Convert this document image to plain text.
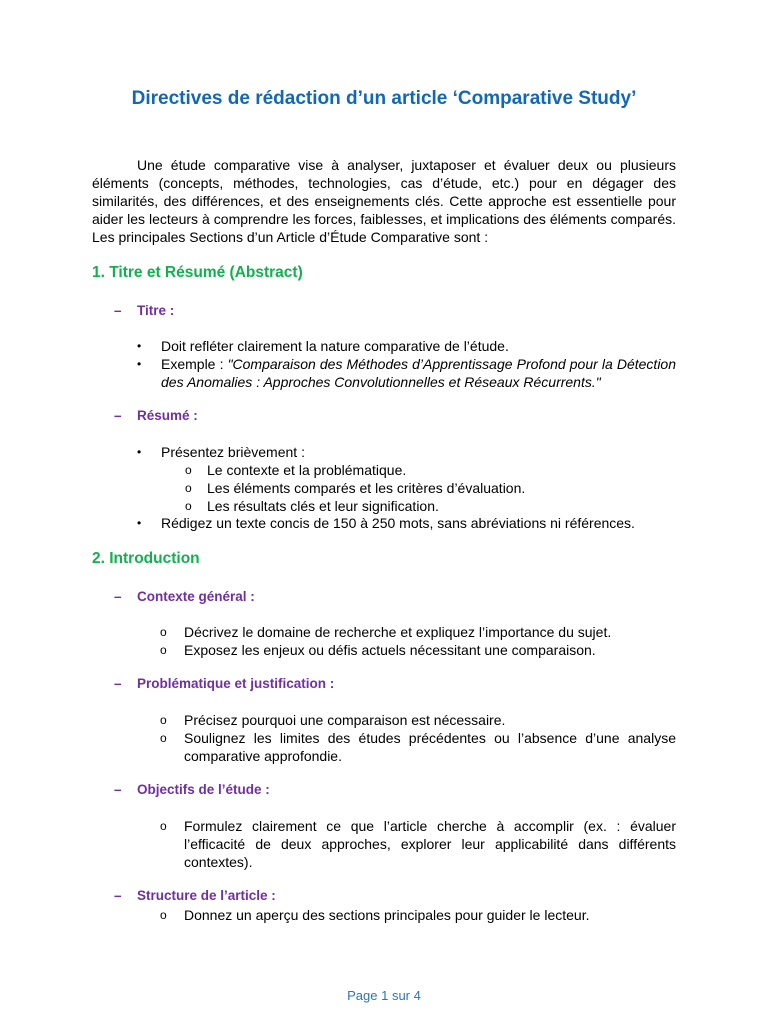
Directives de rédaction d’un article ‘Comparative Study’

Une étude comparative vise à analyser, juxtaposer et évaluer deux ou plusieurs éléments (concepts, méthodes, technologies, cas d’étude, etc.) pour en dégager des similarités, des différences, et des enseignements clés. Cette approche est essentielle pour aider les lecteurs à comprendre les forces, faiblesses, et implications des éléments comparés. Les principales Sections d’un Article d’Étude Comparative sont :

1. Titre et Résumé (Abstract)
– Titre :
• Doit refléter clairement la nature comparative de l’étude.
• Exemple : "Comparaison des Méthodes d’Apprentissage Profond pour la Détection des Anomalies : Approches Convolutionnelles et Réseaux Récurrents."
– Résumé :
• Présentez brièvement :
o Le contexte et la problématique.
o Les éléments comparés et les critères d’évaluation.
o Les résultats clés et leur signification.
• Rédigez un texte concis de 150 à 250 mots, sans abréviations ni références.
2. Introduction
– Contexte général :
o Décrivez le domaine de recherche et expliquez l’importance du sujet.
o Exposez les enjeux ou défis actuels nécessitant une comparaison.
– Problématique et justification :
o Précisez pourquoi une comparaison est nécessaire.
o Soulignez les limites des études précédentes ou l’absence d’une analyse comparative approfondie.
– Objectifs de l’étude :
o Formulez clairement ce que l’article cherche à accomplir (ex. : évaluer l’efficacité de deux approches, explorer leur applicabilité dans différents contextes).
– Structure de l’article :
o Donnez un aperçu des sections principales pour guider le lecteur.
Page 1 sur 4
